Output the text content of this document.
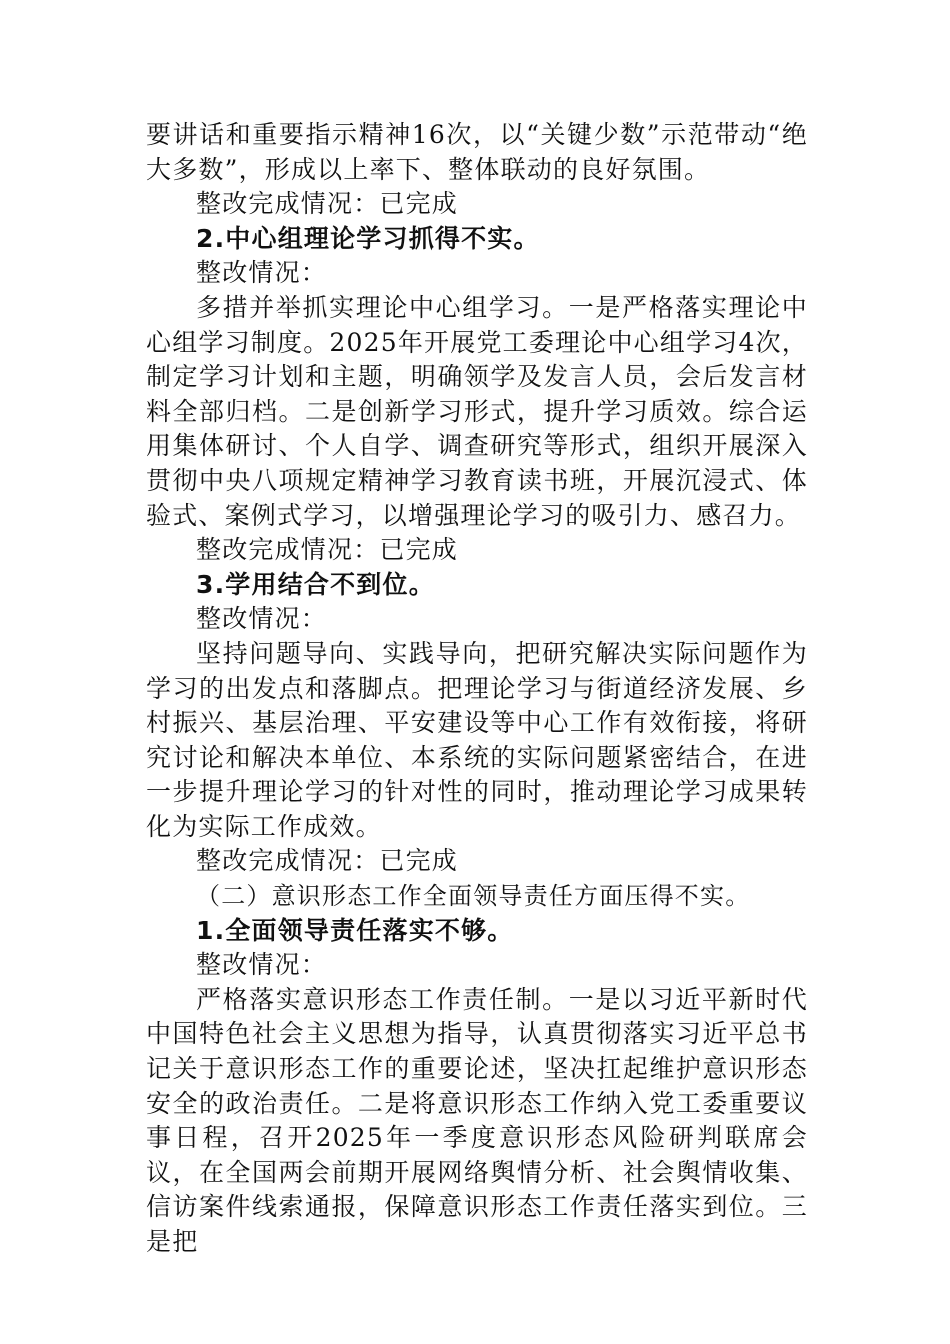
要讲话和重要指示精神16次，以“关键少数”示范带动“绝大多数”，形成以上率下、整体联动的良好氛围。

整改完成情况：已完成

2.中心组理论学习抓得不实。

整改情况：

多措并举抓实理论中心组学习。一是严格落实理论中心组学习制度。2025年开展党工委理论中心组学习4次，制定学习计划和主题，明确领学及发言人员，会后发言材料全部归档。二是创新学习形式，提升学习质效。综合运用集体研讨、个人自学、调查研究等形式，组织开展深入贯彻中央八项规定精神学习教育读书班，开展沉浸式、体验式、案例式学习，以增强理论学习的吸引力、感召力。

整改完成情况：已完成

3.学用结合不到位。

整改情况：

坚持问题导向、实践导向，把研究解决实际问题作为学习的出发点和落脚点。把理论学习与街道经济发展、乡村振兴、基层治理、平安建设等中心工作有效衔接，将研究讨论和解决本单位、本系统的实际问题紧密结合，在进一步提升理论学习的针对性的同时，推动理论学习成果转化为实际工作成效。

整改完成情况：已完成

（二）意识形态工作全面领导责任方面压得不实。

1.全面领导责任落实不够。

整改情况：

严格落实意识形态工作责任制。一是以习近平新时代中国特色社会主义思想为指导，认真贯彻落实习近平总书记关于意识形态工作的重要论述，坚决扛起维护意识形态安全的政治责任。二是将意识形态工作纳入党工委重要议事日程，召开2025年一季度意识形态风险研判联席会议，在全国两会前期开展网络舆情分析、社会舆情收集、信访案件线索通报，保障意识形态工作责任落实到位。三是把
